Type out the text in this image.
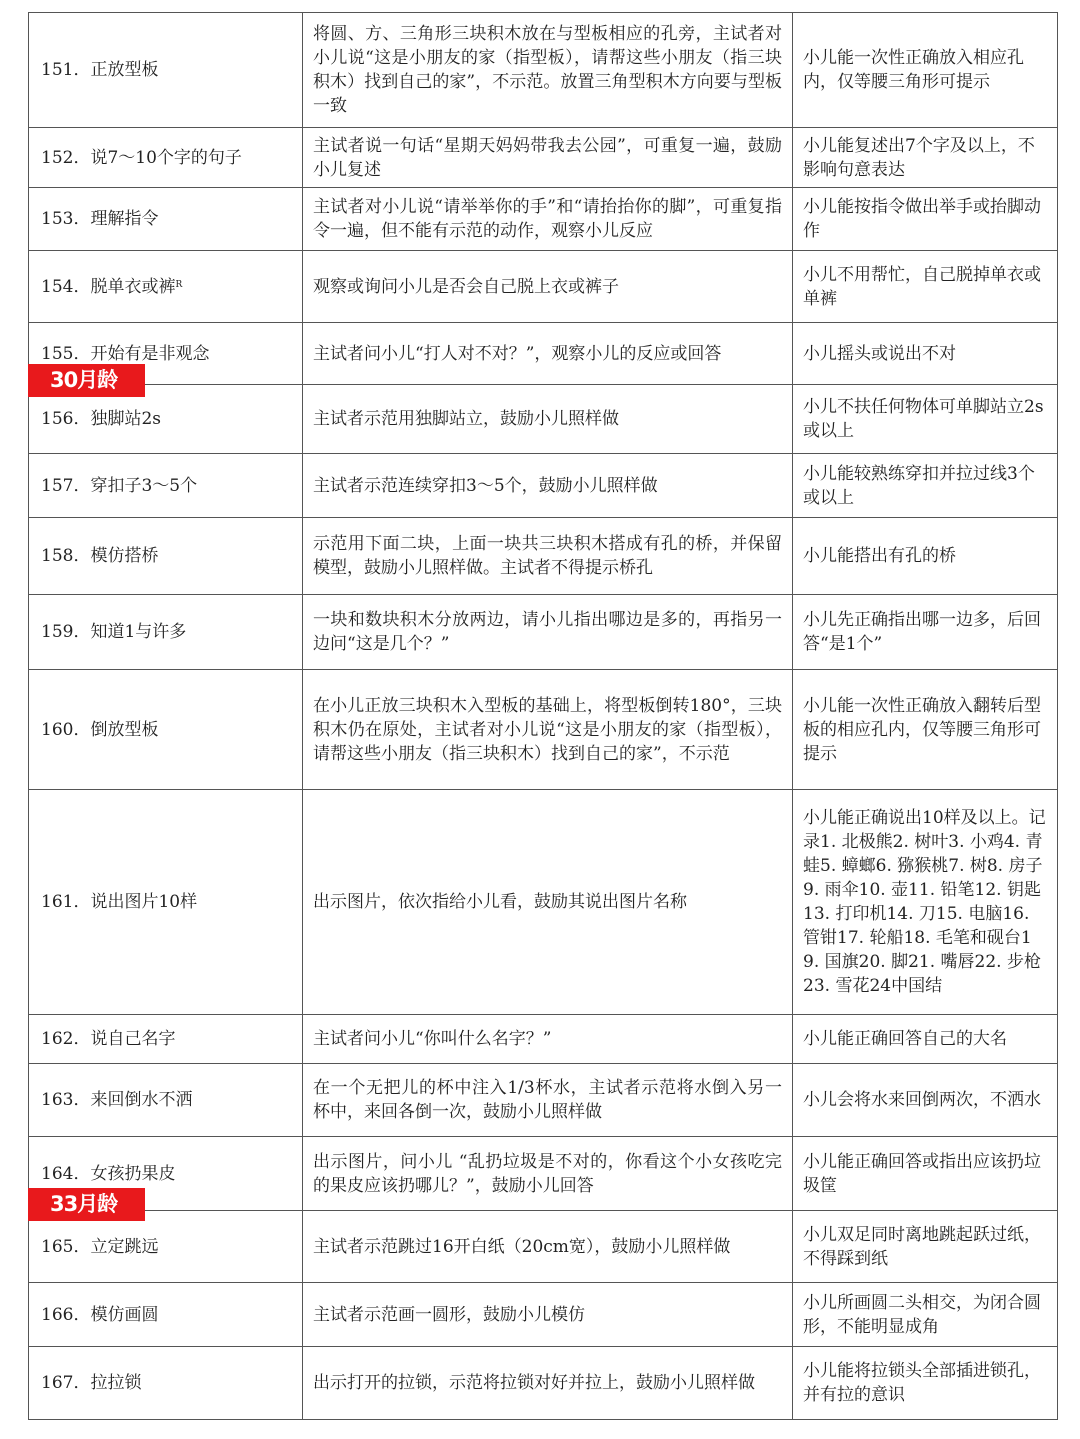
151．正放型板	将圆、方、三角形三块积木放在与型板相应的孔旁，主试者对小儿说“这是小朋友的家（指型板），请帮这些小朋友（指三块积木）找到自己的家”，不示范。放置三角型积木方向要与型板一致	小儿能一次性正确放入相应孔内，仅等腰三角形可提示
152．说7～10个字的句子	主试者说一句话“星期天妈妈带我去公园”，可重复一遍，鼓励小儿复述	小儿能复述出7个字及以上，不影响句意表达
153．理解指令	主试者对小儿说“请举举你的手”和“请抬抬你的脚”，可重复指令一遍，但不能有示范的动作，观察小儿反应	小儿能按指令做出举手或抬脚动作
154．脱单衣或裤$^R$	观察或询问小儿是否会自己脱上衣或裤子	小儿不用帮忙，自己脱掉单衣或单裤
155．开始有是非观念	主试者问小儿“打人对不对？”，观察小儿的反应或回答	小儿摇头或说出不对
156．独脚站2s	主试者示范用独脚站立，鼓励小儿照样做	小儿不扶任何物体可单脚站立2s或以上
157．穿扣子3～5个	主试者示范连续穿扣3～5个，鼓励小儿照样做	小儿能较熟练穿扣并拉过线3个或以上
158．模仿搭桥	示范用下面二块，上面一块共三块积木搭成有孔的桥，并保留模型，鼓励小儿照样做。主试者不得提示桥孔	小儿能搭出有孔的桥
159．知道1与许多	一块和数块积木分放两边，请小儿指出哪边是多的，再指另一边问“这是几个？”	小儿先正确指出哪一边多，后回答“是1个”
160．倒放型板	在小儿正放三块积木入型板的基础上，将型板倒转180°，三块积木仍在原处，主试者对小儿说“这是小朋友的家（指型板），请帮这些小朋友（指三块积木）找到自己的家”，不示范	小儿能一次性正确放入翻转后型板的相应孔内，仅等腰三角形可提示
161．说出图片10样	出示图片，依次指给小儿看，鼓励其说出图片名称	小儿能正确说出10样及以上。记录1. 北极熊2. 树叶3. 小鸡4. 青蛙5. 蟑螂6. 猕猴桃7. 树8. 房子9. 雨伞10. 壶11. 铅笔12. 钥匙13. 打印机14. 刀15. 电脑16. 管钳17. 轮船18. 毛笔和砚台19. 国旗20. 脚21. 嘴唇22. 步枪23. 雪花24中国结
162．说自己名字	主试者问小儿“你叫什么名字？”	小儿能正确回答自己的大名
163．来回倒水不洒	在一个无把儿的杯中注入1/3杯水，主试者示范将水倒入另一杯中，来回各倒一次，鼓励小儿照样做	小儿会将水来回倒两次，不洒水
164．女孩扔果皮	出示图片，问小儿 “乱扔垃圾是不对的，你看这个小女孩吃完的果皮应该扔哪儿？”，鼓励小儿回答	小儿能正确回答或指出应该扔垃圾筐
165．立定跳远	主试者示范跳过16开白纸（20cm宽），鼓励小儿照样做	小儿双足同时离地跳起跃过纸，不得踩到纸
166．模仿画圆	主试者示范画一圆形，鼓励小儿模仿	小儿所画圆二头相交，为闭合圆形，不能明显成角
167．拉拉锁	出示打开的拉锁，示范将拉锁对好并拉上，鼓励小儿照样做	小儿能将拉锁头全部插进锁孔，并有拉的意识
30月龄
33月龄
